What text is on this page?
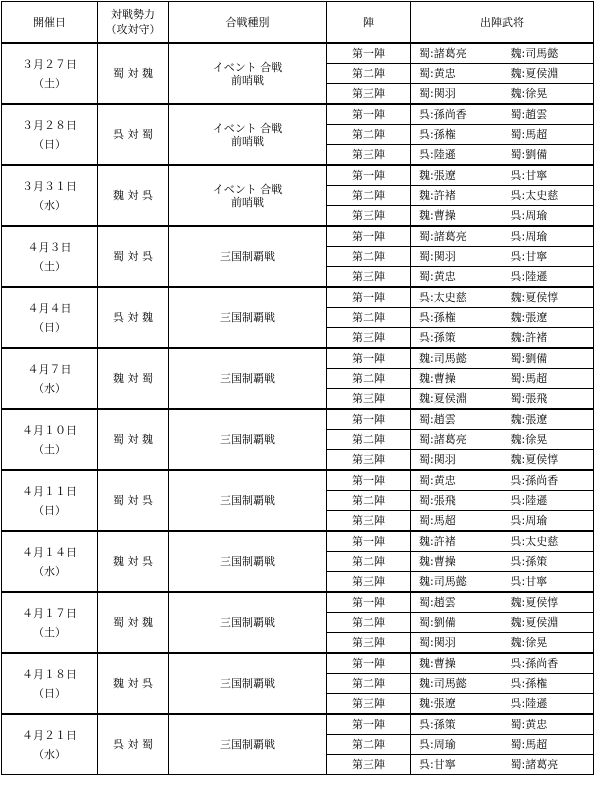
開催日	対戦勢力
（攻対守）	合戦種別	陣	出陣武将	

３月２７日
（土）	蜀 対 魏	イベント 合戦
前哨戦	第一陣	蜀:諸葛亮	魏:司馬懿
			第二陣	蜀:黄忠	魏:夏侯淵
			第三陣	蜀:関羽	魏:徐晃

３月２８日
（日）	呉 対 蜀	イベント 合戦
前哨戦	第一陣	呉:孫尚香	蜀:趙雲
			第二陣	呉:孫権	蜀:馬超
			第三陣	呉:陸遜	蜀:劉備

３月３１日
（水）	魏 対 呉	イベント 合戦
前哨戦	第一陣	魏:張遼	呉:甘寧
			第二陣	魏:許褚	呉:太史慈
			第三陣	魏:曹操	呉:周瑜

４月３日
（土）	蜀 対 呉	三国制覇戦	第一陣	蜀:諸葛亮	呉:周瑜
			第二陣	蜀:関羽	呉:甘寧
			第三陣	蜀:黄忠	呉:陸遜

４月４日
（日）	呉 対 魏	三国制覇戦	第一陣	呉:太史慈	魏:夏侯惇
			第二陣	呉:孫権	魏:張遼
			第三陣	呉:孫策	魏:許褚

４月７日
（水）	魏 対 蜀	三国制覇戦	第一陣	魏:司馬懿	蜀:劉備
			第二陣	魏:曹操	蜀:馬超
			第三陣	魏:夏侯淵	蜀:張飛

４月１０日
（土）	蜀 対 魏	三国制覇戦	第一陣	蜀:趙雲	魏:張遼
			第二陣	蜀:諸葛亮	魏:徐晃
			第三陣	蜀:関羽	魏:夏侯惇

４月１１日
（日）	蜀 対 呉	三国制覇戦	第一陣	蜀:黄忠	呉:孫尚香
			第二陣	蜀:張飛	呉:陸遜
			第三陣	蜀:馬超	呉:周瑜

４月１４日
（水）	魏 対 呉	三国制覇戦	第一陣	魏:許褚	呉:太史慈
			第二陣	魏:曹操	呉:孫策
			第三陣	魏:司馬懿	呉:甘寧

４月１７日
（土）	蜀 対 魏	三国制覇戦	第一陣	蜀:趙雲	魏:夏侯惇
			第二陣	蜀:劉備	魏:夏侯淵
			第三陣	蜀:関羽	魏:徐晃

４月１８日
（日）	魏 対 呉	三国制覇戦	第一陣	魏:曹操	呉:孫尚香
			第二陣	魏:司馬懿	呉:孫権
			第三陣	魏:張遼	呉:陸遜

４月２１日
（水）	呉 対 蜀	三国制覇戦	第一陣	呉:孫策	蜀:黄忠
			第二陣	呉:周瑜	蜀:馬超
			第三陣	呉:甘寧	蜀:諸葛亮
